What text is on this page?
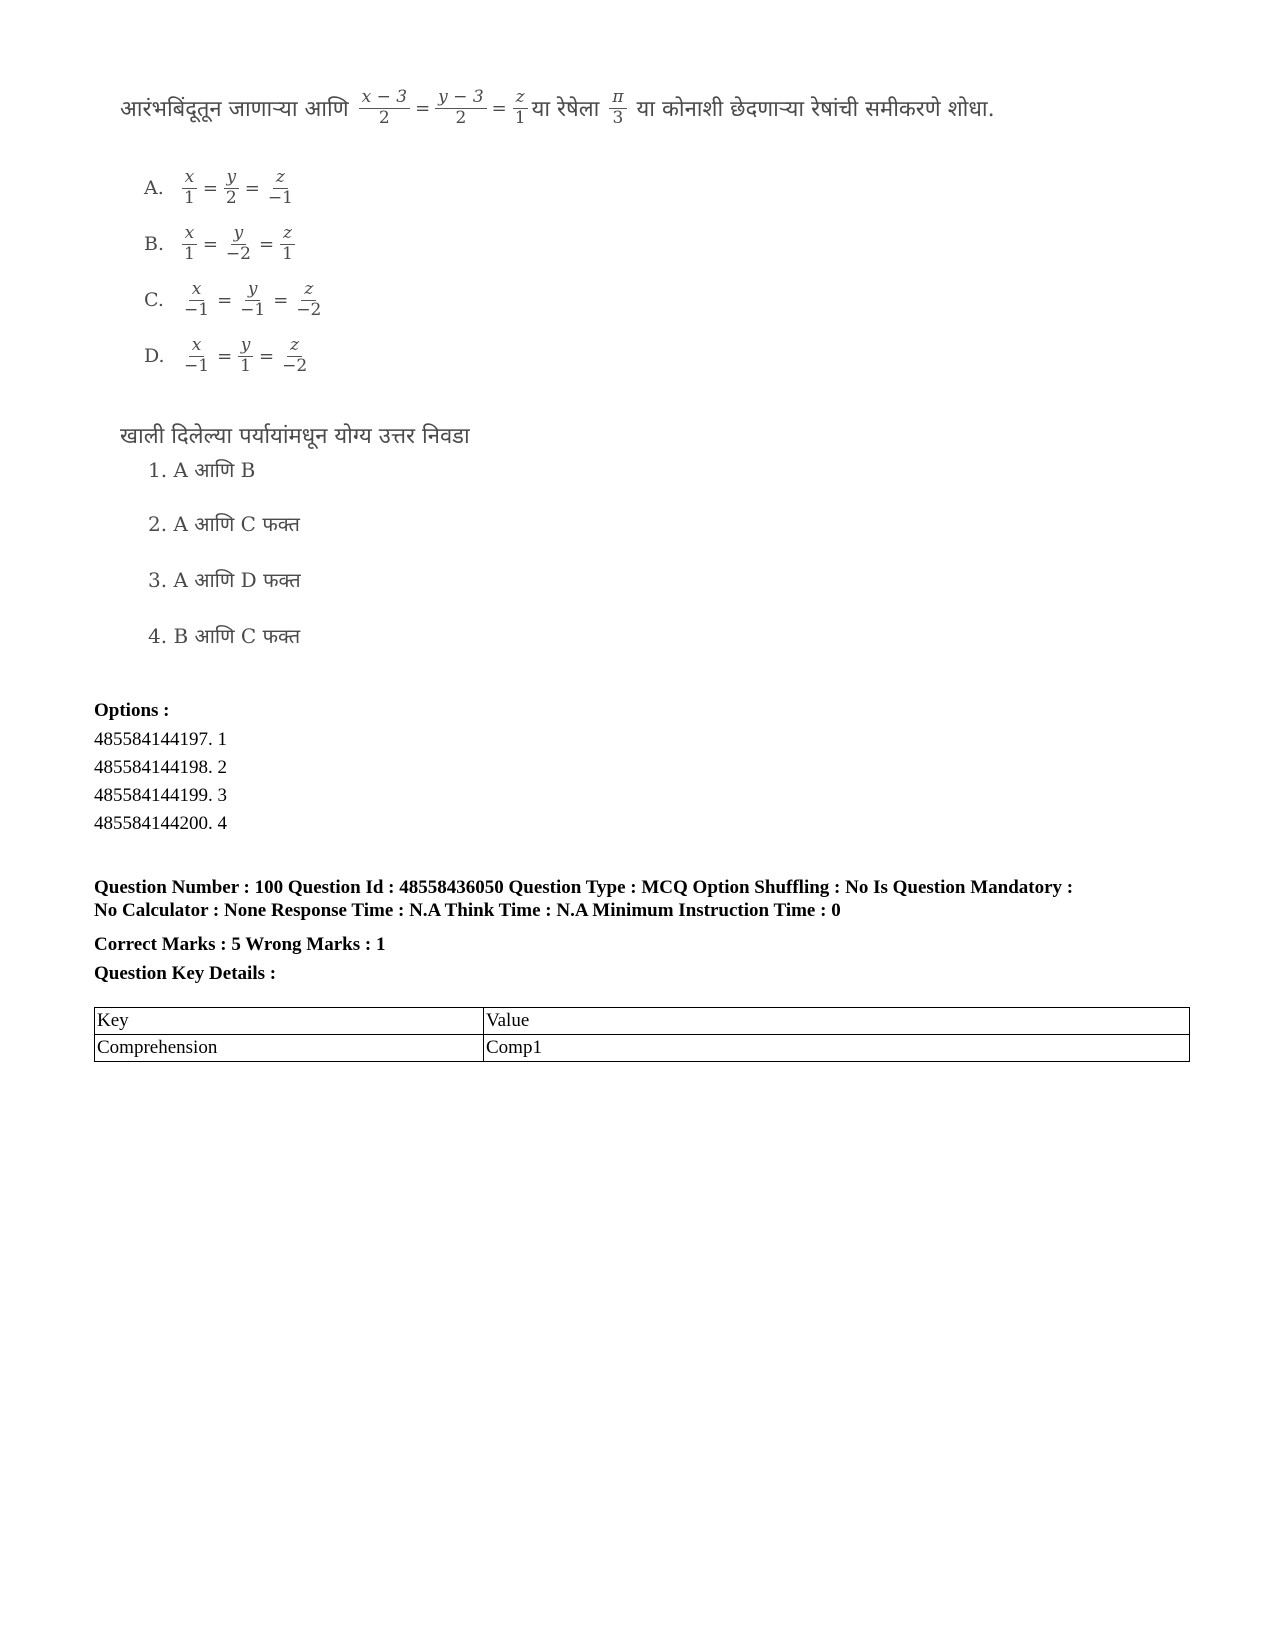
आरंभबिंदूतून जाणाऱ्या आणि
$\frac{x - 3}{2} = \frac{y - 3}{2} = \frac{z}{1}$ या रेषेला
$\frac{\pi}{3}$
या कोनाशी छेदणाऱ्या रेषांची समीकरणे शोधा.
A.	$\frac{x}{1} = \frac{y}{2} = \frac{z}{-1}$
B. $\frac{x}{1} = \frac{y}{-2} = \frac{z}{1}$
C.	$\frac{x}{-1} = \frac{y}{-1} = \frac{z}{-2}$
D. $\frac{x}{-1} = \frac{y}{1} = \frac{z}{-2}$
खाली दिलेल्या पर्यायांमधून योग्य उत्तर निवडा
1. A आणि B
2. A आणि C फक्त
3. A आणि D फक्त
4. B आणि C फक्त
Options :
485584144197. 1
485584144198. 2
485584144199. 3
485584144200. 4
Question Number : 100 Question Id : 48558436050 Question Type : MCQ Option Shuffling : No Is Question Mandatory :
No Calculator : None Response Time : N.A Think Time : N.A Minimum Instruction Time : 0
Correct Marks : 5 Wrong Marks : 1
Question Key Details :
Key	Value
Comprehension	Comp1
